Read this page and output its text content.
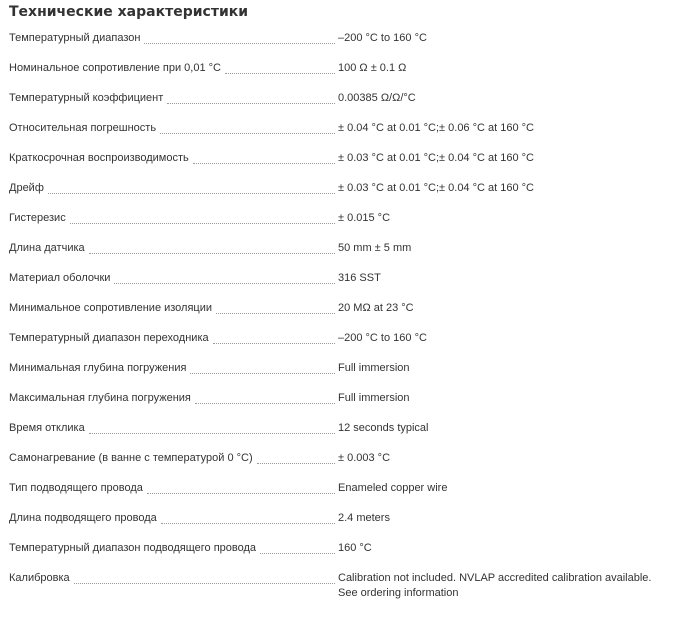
Технические характеристики
Температурный диапазон	–200 °C to 160 °C
Номинальное сопротивление при 0,01 °C	100 Ω ± 0.1 Ω
Температурный коэффициент	0.00385 Ω/Ω/°C
Относительная погрешность	± 0.04 °C at 0.01 °C;± 0.06 °C at 160 °C
Краткосрочная воспроизводимость	± 0.03 °C at 0.01 °C;± 0.04 °C at 160 °C
Дрейф	± 0.03 °C at 0.01 °C;± 0.04 °C at 160 °C
Гистерезис	± 0.015 °C
Длина датчика	50 mm ± 5 mm
Материал оболочки	316 SST
Минимальное сопротивление изоляции	20 MΩ at 23 °C
Температурный диапазон переходника	–200 °C to 160 °C
Минимальная глубина погружения	Full immersion
Максимальная глубина погружения	Full immersion
Время отклика	12 seconds typical
Самонагревание (в ванне с температурой 0 °C)	± 0.003 °C
Тип подводящего провода	Enameled copper wire
Длина подводящего провода	2.4 meters
Температурный диапазон подводящего провода	160 °C
Калибровка	Calibration not included. NVLAP accredited calibration available. See ordering information
